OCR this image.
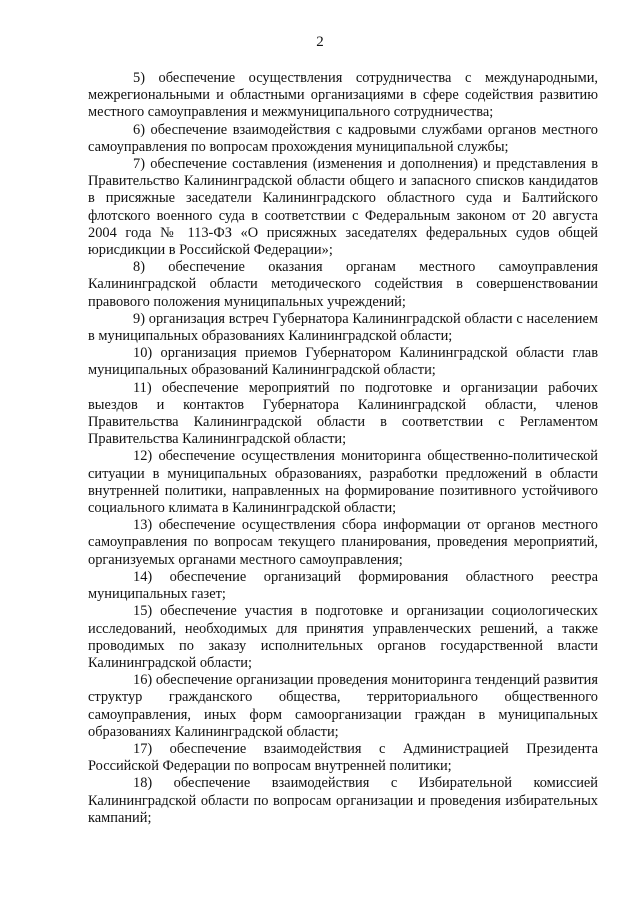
2

5) обеспечение осуществления сотрудничества с международными, межрегиональными и областными организациями в сфере содействия развитию местного самоуправления и межмуниципального сотрудничества;

6) обеспечение взаимодействия с кадровыми службами органов местного самоуправления по вопросам прохождения муниципальной службы;

7) обеспечение составления (изменения и дополнения) и представления в Правительство Калининградской области общего и запасного списков кандидатов в присяжные заседатели Калининградского областного суда и Балтийского флотского военного суда в соответствии с Федеральным законом от 20 августа 2004 года № 113-ФЗ «О присяжных заседателях федеральных судов общей юрисдикции в Российской Федерации»;

8) обеспечение оказания органам местного самоуправления Калининградской области методического содействия в совершенствовании правового положения муниципальных учреждений;

9) организация встреч Губернатора Калининградской области с населением в муниципальных образованиях Калининградской области;

10) организация приемов Губернатором Калининградской области глав муниципальных образований Калининградской области;

11) обеспечение мероприятий по подготовке и организации рабочих выездов и контактов Губернатора Калининградской области, членов Правительства Калининградской области в соответствии с Регламентом Правительства Калининградской области;

12) обеспечение осуществления мониторинга общественно-политической ситуации в муниципальных образованиях, разработки предложений в области внутренней политики, направленных на формирование позитивного устойчивого социального климата в Калининградской области;

13) обеспечение осуществления сбора информации от органов местного самоуправления по вопросам текущего планирования, проведения мероприятий, организуемых органами местного самоуправления;

14) обеспечение организаций формирования областного реестра муниципальных газет;

15) обеспечение участия в подготовке и организации социологических исследований, необходимых для принятия управленческих решений, а также проводимых по заказу исполнительных органов государственной власти Калининградской области;

16) обеспечение организации проведения мониторинга тенденций развития структур гражданского общества, территориального общественного самоуправления, иных форм самоорганизации граждан в муниципальных образованиях Калининградской области;

17) обеспечение взаимодействия с Администрацией Президента Российской Федерации по вопросам внутренней политики;

18) обеспечение взаимодействия с Избирательной комиссией Калининградской области по вопросам организации и проведения избирательных кампаний;
